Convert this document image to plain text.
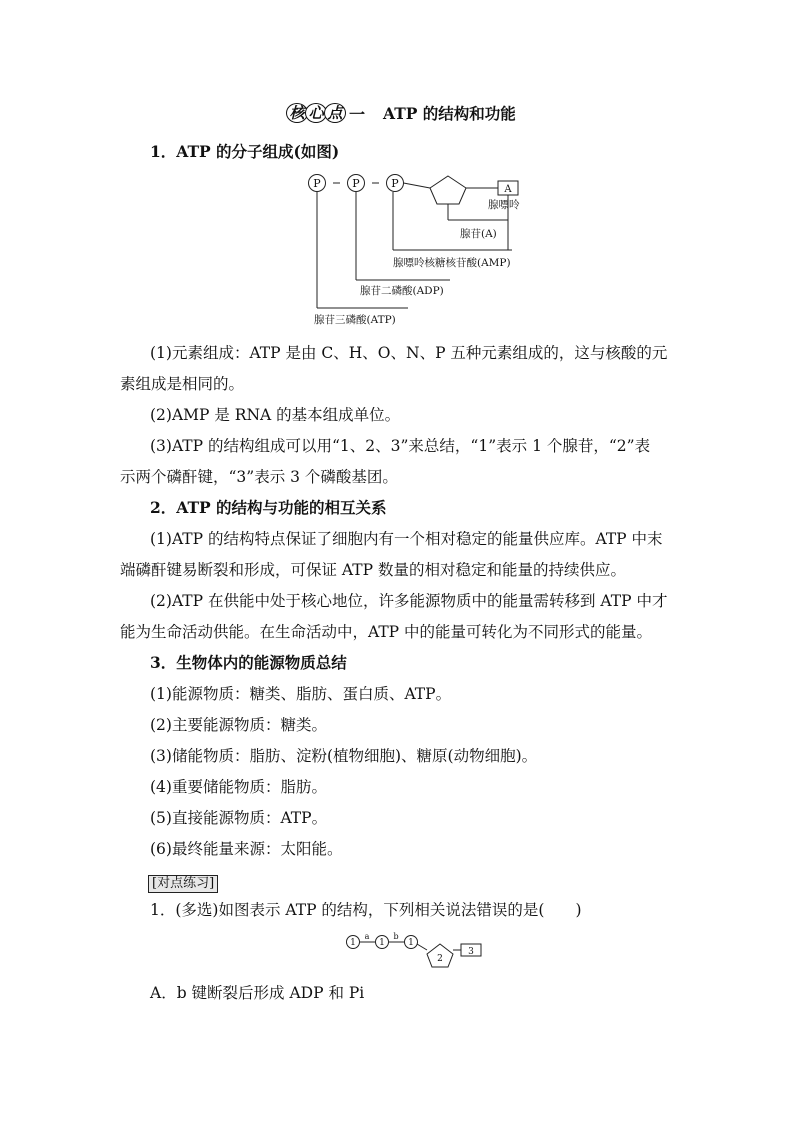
核 心 点 一 ATP 的结构和功能
1．ATP 的分子组成(如图)
P	P	P	A
腺嘌呤
腺苷(A)
腺嘌呤核糖核苷酸(AMP)
腺苷二磷酸(ADP)
腺苷三磷酸(ATP)
(1)元素组成：ATP 是由 C、H、O、N、P 五种元素组成的，这与核酸的元
素组成是相同的。
(2)AMP 是 RNA 的基本组成单位。
(3)ATP 的结构组成可以用“1、2、3”来总结，“1”表示 1 个腺苷，“2”表
示两个磷酐键，“3”表示 3 个磷酸基团。
2．ATP 的结构与功能的相互关系
(1)ATP 的结构特点保证了细胞内有一个相对稳定的能量供应库。ATP 中末
端磷酐键易断裂和形成，可保证 ATP 数量的相对稳定和能量的持续供应。
(2)ATP 在供能中处于核心地位，许多能源物质中的能量需转移到 ATP 中才
能为生命活动供能。在生命活动中，ATP 中的能量可转化为不同形式的能量。
3．生物体内的能源物质总结
(1)能源物质：糖类、脂肪、蛋白质、ATP。
(2)主要能源物质：糖类。
(3)储能物质：脂肪、淀粉(植物细胞)、糖原(动物细胞)。
(4)重要储能物质：脂肪。
(5)直接能源物质：ATP。
(6)最终能量来源：太阳能。
[对点练习]
1．(多选)如图表示 ATP 的结构，下列相关说法错误的是(　　)
1	1	1
a	b
2
3
A．b 键断裂后形成 ADP 和 Pi
